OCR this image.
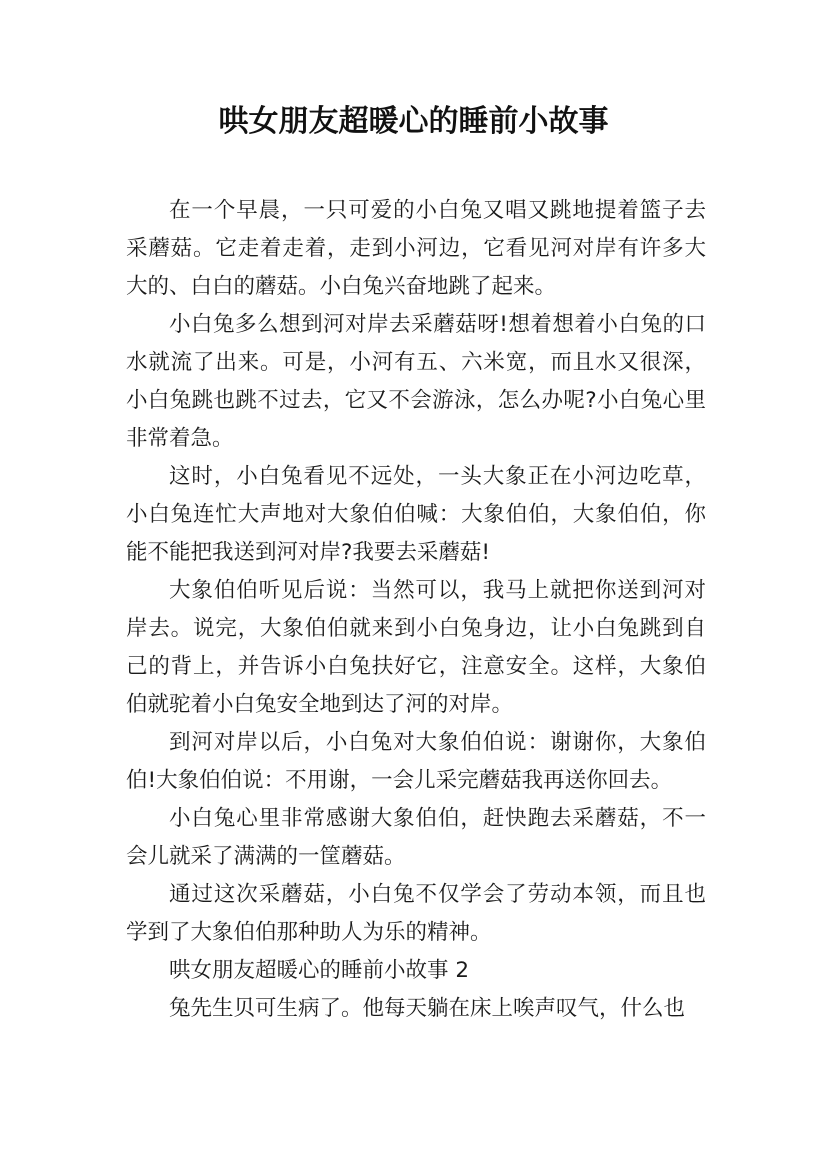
哄女朋友超暖心的睡前小故事

在一个早晨，一只可爱的小白兔又唱又跳地提着篮子去采蘑菇。它走着走着，走到小河边，它看见河对岸有许多大大的、白白的蘑菇。小白兔兴奋地跳了起来。

小白兔多么想到河对岸去采蘑菇呀!想着想着小白兔的口水就流了出来。可是，小河有五、六米宽，而且水又很深，小白兔跳也跳不过去，它又不会游泳，怎么办呢?小白兔心里非常着急。

这时，小白兔看见不远处，一头大象正在小河边吃草，小白兔连忙大声地对大象伯伯喊：大象伯伯，大象伯伯，你能不能把我送到河对岸?我要去采蘑菇!

大象伯伯听见后说：当然可以，我马上就把你送到河对岸去。说完，大象伯伯就来到小白兔身边，让小白兔跳到自己的背上，并告诉小白兔扶好它，注意安全。这样，大象伯伯就驼着小白兔安全地到达了河的对岸。

到河对岸以后，小白兔对大象伯伯说：谢谢你，大象伯伯!大象伯伯说：不用谢，一会儿采完蘑菇我再送你回去。

小白兔心里非常感谢大象伯伯，赶快跑去采蘑菇，不一会儿就采了满满的一筐蘑菇。

通过这次采蘑菇，小白兔不仅学会了劳动本领，而且也学到了大象伯伯那种助人为乐的精神。

哄女朋友超暖心的睡前小故事 2

兔先生贝可生病了。他每天躺在床上唉声叹气，什么也
